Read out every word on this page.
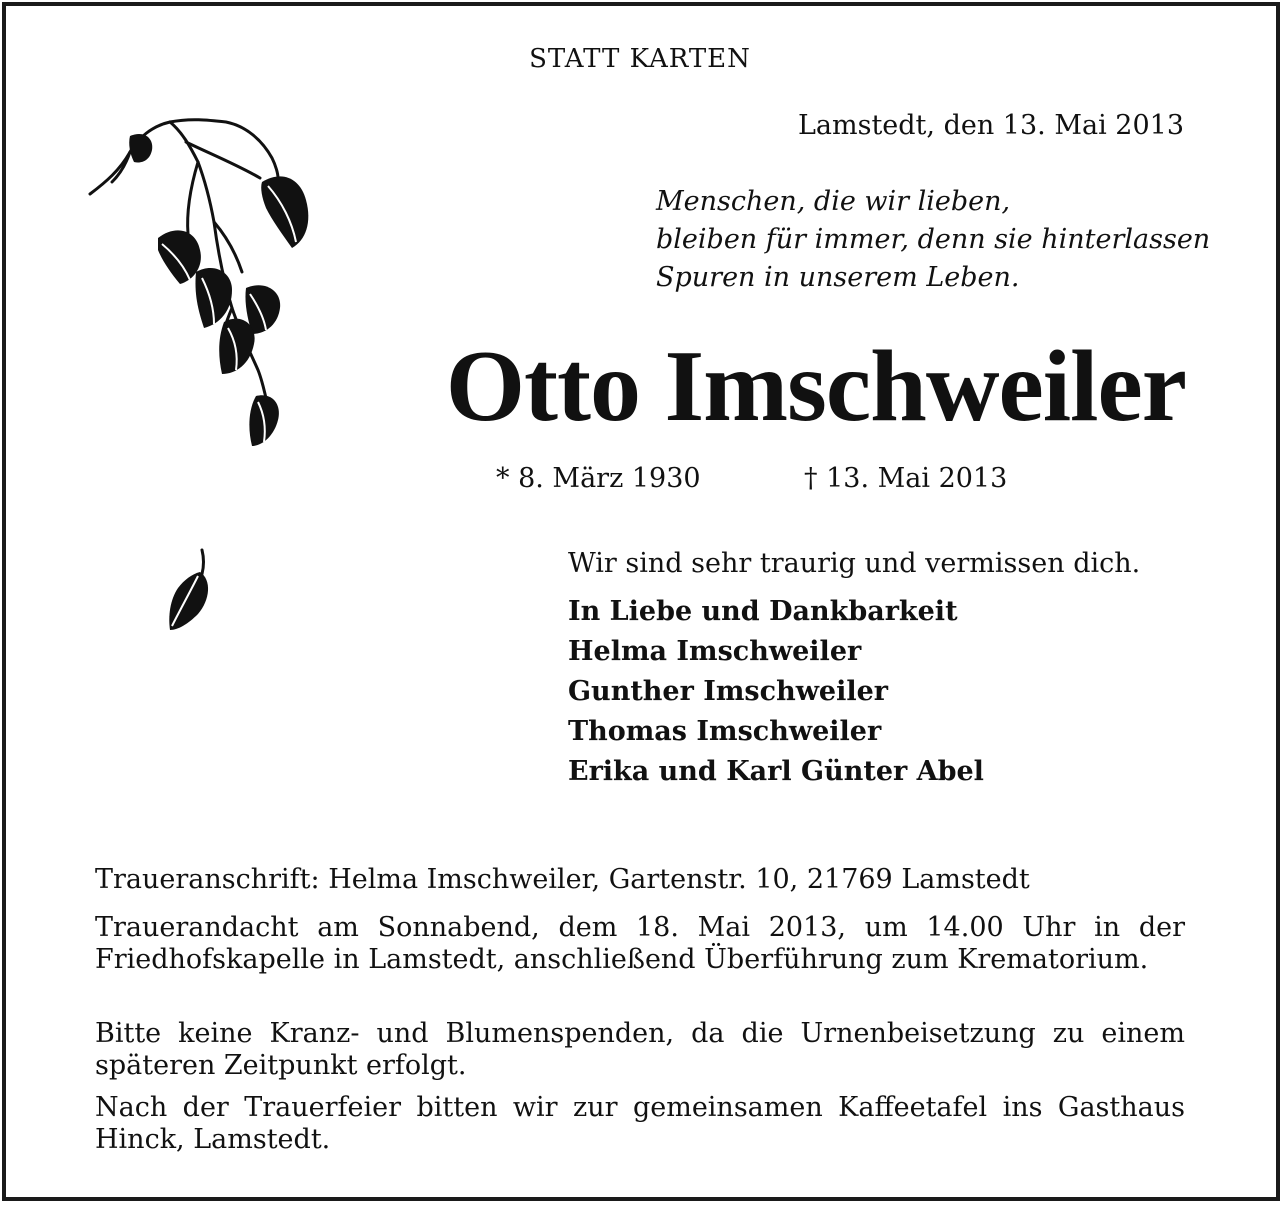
STATT KARTEN
Lamstedt, den 13. Mai 2013
Menschen, die wir lieben,
bleiben für immer, denn sie hinterlassen
Spuren in unserem Leben.
Otto Imschweiler
* 8. März 1930	† 13. Mai 2013
Wir sind sehr traurig und vermissen dich.
In Liebe und Dankbarkeit
Helma Imschweiler
Gunther Imschweiler
Thomas Imschweiler
Erika und Karl Günter Abel
Traueranschrift: Helma Imschweiler, Gartenstr. 10, 21769 Lamstedt

Trauerandacht am Sonnabend, dem 18. Mai 2013, um 14.00 Uhr in der Friedhofskapelle in Lamstedt, anschließend Überführung zum Krematorium.

Bitte keine Kranz- und Blumenspenden, da die Urnenbeisetzung zu einem späteren Zeitpunkt erfolgt.

Nach der Trauerfeier bitten wir zur gemeinsamen Kaffeetafel ins Gasthaus Hinck, Lamstedt.
